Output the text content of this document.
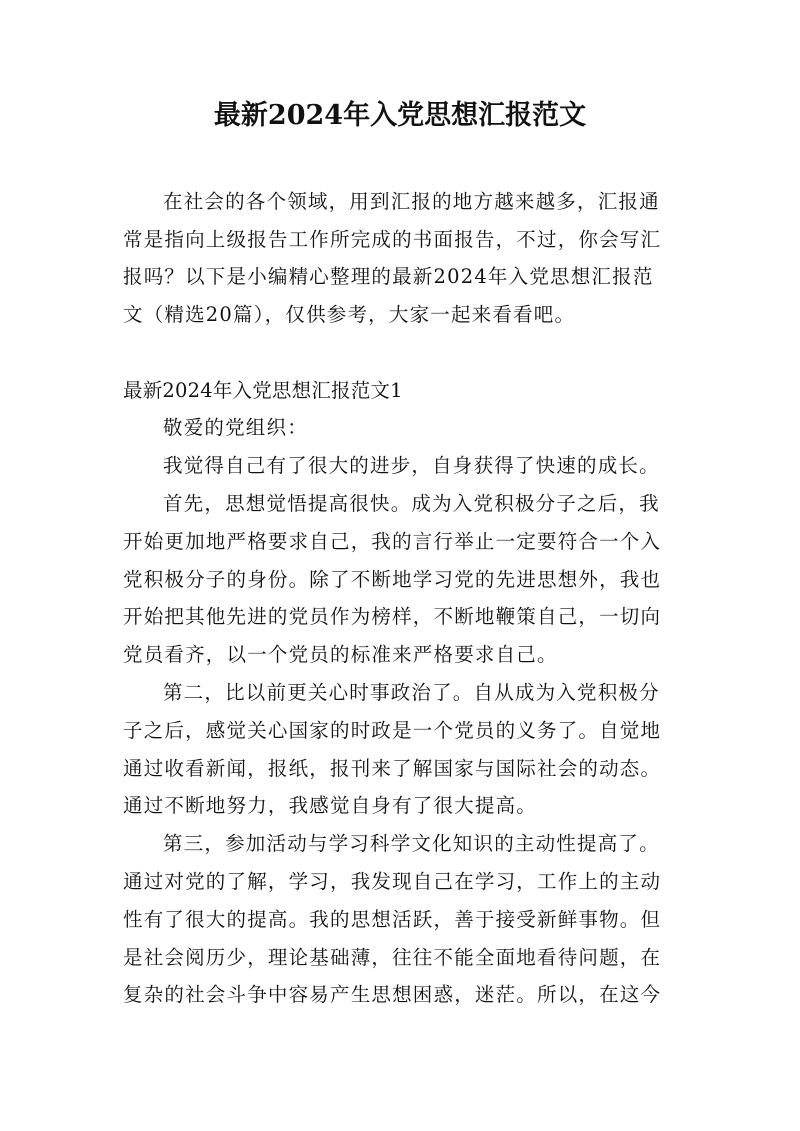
最新2024年入党思想汇报范文
在社会的各个领域，用到汇报的地方越来越多，汇报通
常是指向上级报告工作所完成的书面报告，不过，你会写汇
报吗？以下是小编精心整理的最新2024年入党思想汇报范
文（精选20篇），仅供参考，大家一起来看看吧。
最新2024年入党思想汇报范文1
敬爱的党组织：
我觉得自己有了很大的进步，自身获得了快速的成长。
首先，思想觉悟提高很快。成为入党积极分子之后，我
开始更加地严格要求自己，我的言行举止一定要符合一个入
党积极分子的身份。除了不断地学习党的先进思想外，我也
开始把其他先进的党员作为榜样，不断地鞭策自己，一切向
党员看齐，以一个党员的标准来严格要求自己。
第二，比以前更关心时事政治了。自从成为入党积极分
子之后，感觉关心国家的时政是一个党员的义务了。自觉地
通过收看新闻，报纸，报刊来了解国家与国际社会的动态。
通过不断地努力，我感觉自身有了很大提高。
第三，参加活动与学习科学文化知识的主动性提高了。
通过对党的了解，学习，我发现自己在学习，工作上的主动
性有了很大的提高。我的思想活跃，善于接受新鲜事物。但
是社会阅历少，理论基础薄，往往不能全面地看待问题，在
复杂的社会斗争中容易产生思想困惑，迷茫。所以，在这今
